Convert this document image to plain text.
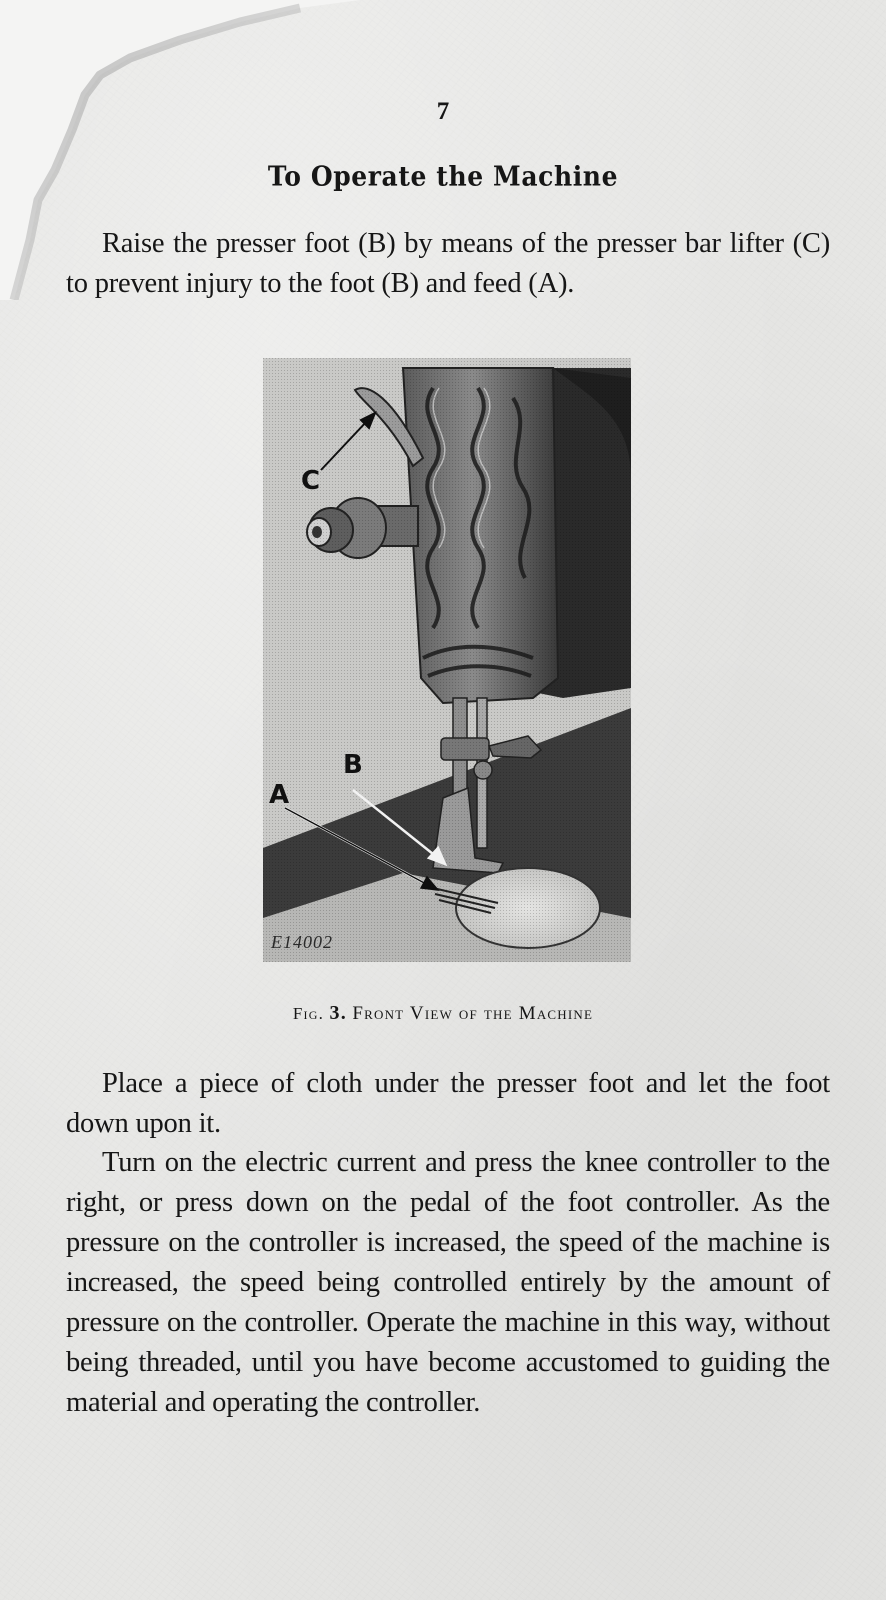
7
To Operate the Machine

Raise the presser foot (B) by means of the presser bar lifter (C) to prevent injury to the foot (B) and feed (A).

C
B
A
E14002
Fig. 3. Front View of the Machine

Place a piece of cloth under the presser foot and let the foot down upon it.

Turn on the electric current and press the knee controller to the right, or press down on the pedal of the foot controller. As the pressure on the controller is increased, the speed of the machine is increased, the speed being controlled entirely by the amount of pressure on the controller. Operate the machine in this way, without being threaded, until you have become accustomed to guiding the material and operating the controller.
